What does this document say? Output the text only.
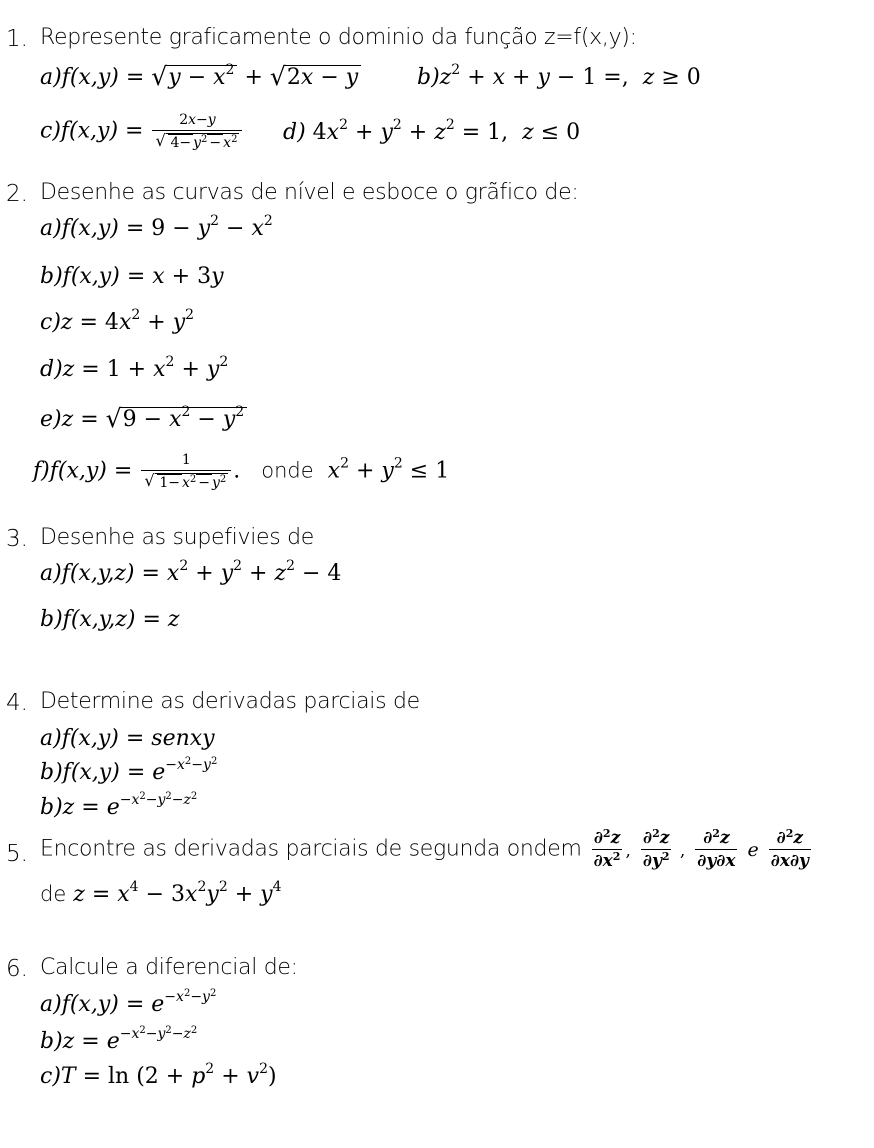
1. Represente graficamente o dominio da função z=f(x,y):
a)f(x,y) = √ $y - x^2$ + √ 2x − y	$b)z^2 + x + y - 1$ =,  z ≥ 0
c)f(x,y) = 2x−y
√ $4- y^2 - x^2$ d) $4x^2 + y^2 + z^2 = 1$,  z ≤ 0
2. Desenhe as curvas de nível e esboce o grãfico de:
$a)f(x,y) = 9 - y^2 - x^2$
b)f(x,y) = x + 3y
$c)z = 4x^2 + y^2$
$d)z = 1 + x^2 + y^2$
e)z = √ $9 - x^2 - y^2$
f)f(x,y) = 1
√ $1- x^2 - y^2$ . onde  $x^2 + y^2 \le 1$
3. Desenhe as supefivies de
$a)f(x,y,z) = x^2 + y^2 + z^2 - 4$
b)f(x,y,z) = z
4. Determine as derivadas parciais de
a)f(x,y) = senxy
$b)f(x,y) = e^{-x^2-y^2}$
$b)z = e^{-x^2-y^2-z^2}$
5. Encontre as derivadas parciais de segunda ondem $\frac{\partial^2z}{\partial x^2}$ , $\frac{\partial^2z}{\partial y^2}$ , $\frac{\partial^2z}{\partial y\partial x}$ e $\frac{\partial^2z}{\partial x\partial y}$
de $z = x^4 - 3x^2y^2 + y^4$
6. Calcule a diferencial de:
$a)f(x,y) = e^{-x^2-y^2}$
$b)z = e^{-x^2-y^2-z^2}$
$c)T = \ln (2 + p^2 + v^2)$
